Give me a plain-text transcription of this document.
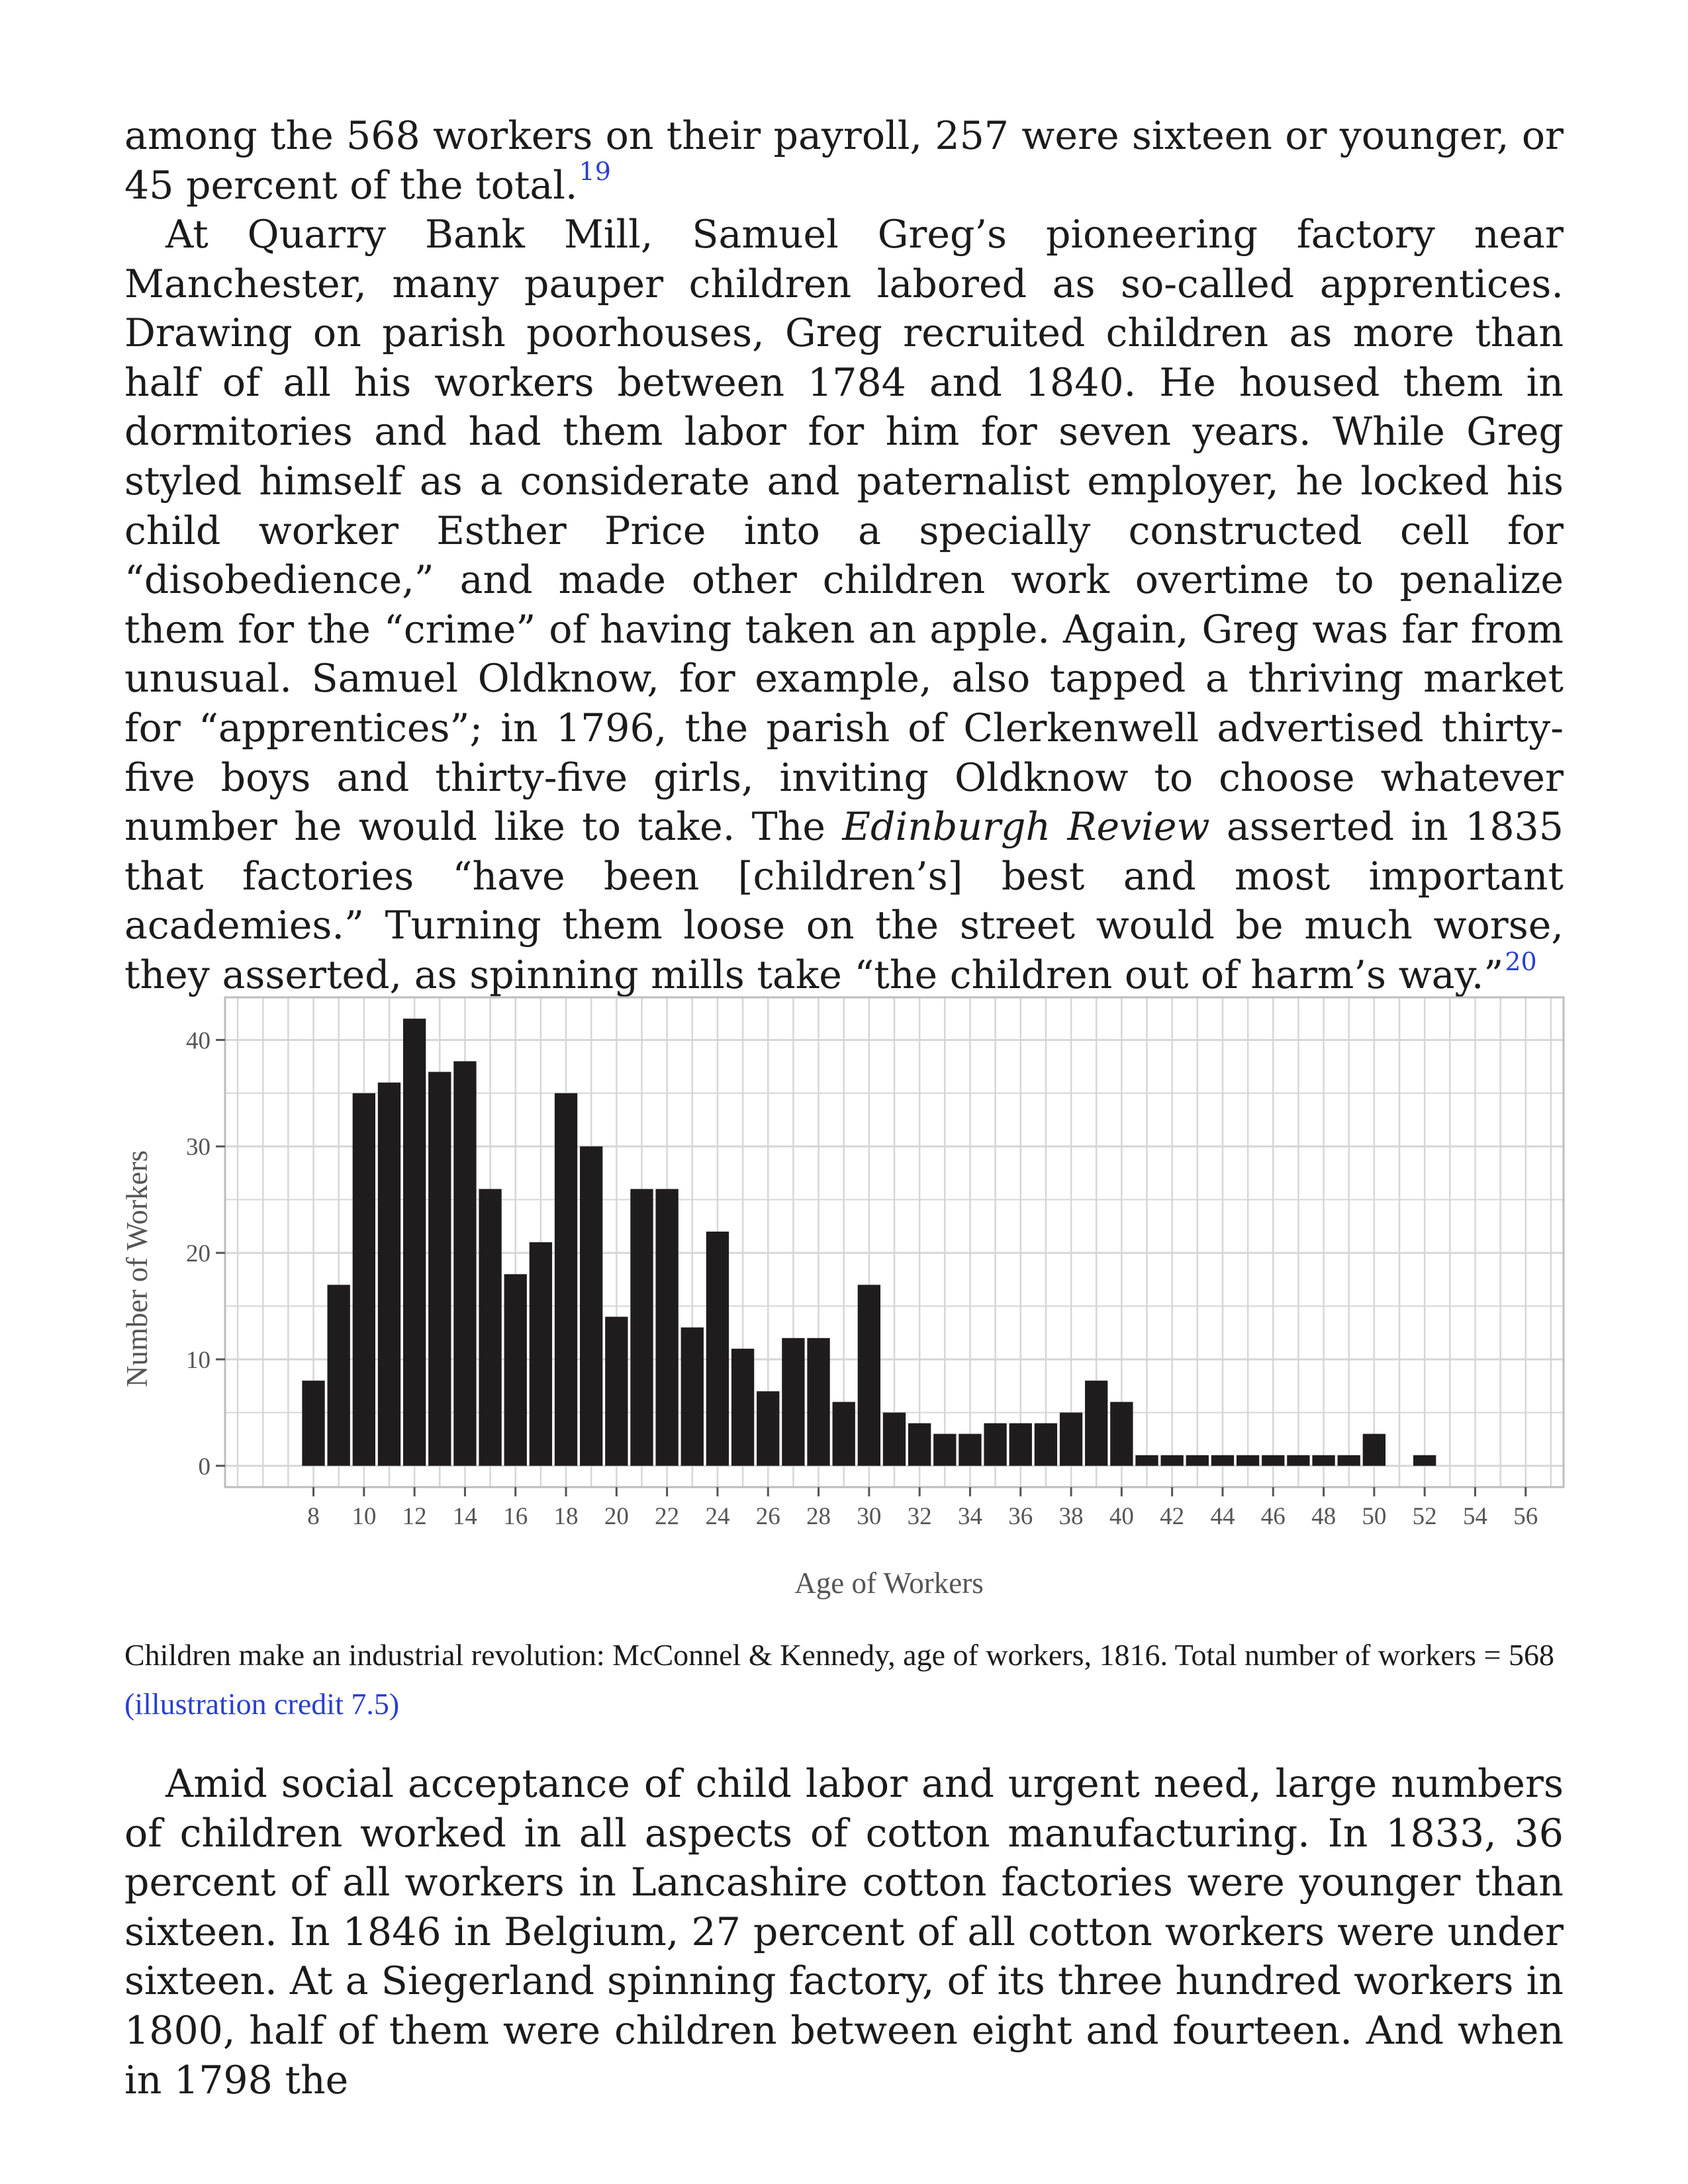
among the 568 workers on their payroll, 257 were sixteen or younger, or 45 percent of the total.$^{19}$

At Quarry Bank Mill, Samuel Greg’s pioneering factory near Manchester, many pauper children labored as so-called apprentices. Drawing on parish poorhouses, Greg recruited children as more than half of all his workers between 1784 and 1840. He housed them in dormitories and had them labor for him for seven years. While Greg styled himself as a considerate and paternalist employer, he locked his child worker Esther Price into a specially constructed cell for “disobedience,” and made other children work overtime to penalize them for the “crime” of having taken an apple. Again, Greg was far from unusual. Samuel Oldknow, for example, also tapped a thriving market for “apprentices”; in 1796, the parish of Clerkenwell advertised thirty-five boys and thirty-five girls, inviting Oldknow to choose whatever number he would like to take. The Edinburgh Review asserted in 1835 that factories “have been [children’s] best and most important academies.” Turning them loose on the street would be much worse, they asserted, as spinning mills take “the children out of harm’s way.”$^{20}$

0
10
20
30
40
8 10 12 14 16 18 20 22 24 26 28 30 32 34 36 38 40 42 44 46 48 50 52 54 56
Age of Workers
Number of Workers

Children make an industrial revolution: McConnel & Kennedy, age of workers, 1816. Total number of workers = 568 (illustration credit 7.5)

Amid social acceptance of child labor and urgent need, large numbers of children worked in all aspects of cotton manufacturing. In 1833, 36 percent of all workers in Lancashire cotton factories were younger than sixteen. In 1846 in Belgium, 27 percent of all cotton workers were under sixteen. At a Siegerland spinning factory, of its three hundred workers in 1800, half of them were children between eight and fourteen. And when in 1798 the
